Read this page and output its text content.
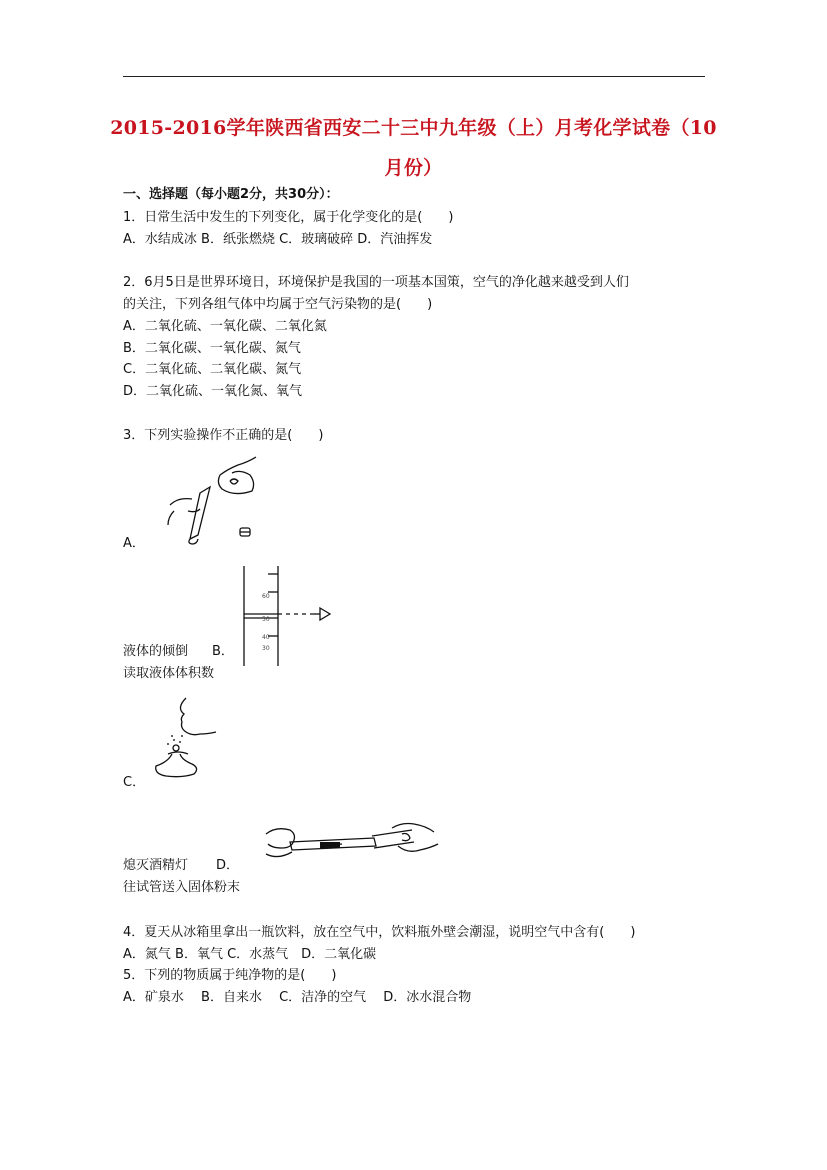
2015-2016学年陕西省西安二十三中九年级（上）月考化学试卷（10
月份）
一、选择题（每小题2分，共30分）：
1．日常生活中发生的下列变化，属于化学变化的是(　　)
A．水结成冰 B．纸张燃烧 C．玻璃破碎 D．汽油挥发
2．6月5日是世界环境日，环境保护是我国的一项基本国策，空气的净化越来越受到人们
的关注，下列各组气体中均属于空气污染物的是(　　)
A．二氧化硫、一氧化碳、二氧化氮
B．二氧化碳、一氧化碳、氮气
C．二氧化硫、二氧化碳、氮气
D．二氧化硫、一氧化氮、氧气
3．下列实验操作不正确的是(　　)
A．
60
50
40
30
液体的倾倒 B．
读取液体体积数
C．
熄灭酒精灯 D．
往试管送入固体粉末
4．夏天从冰箱里拿出一瓶饮料，放在空气中，饮料瓶外壁会潮湿，说明空气中含有(　　)
A．氮气 B．氧气 C．水蒸气　D．二氧化碳
5．下列的物质属于纯净物的是(　　)
A．矿泉水　 B．自来水　 C．洁净的空气　 D．冰水混合物
